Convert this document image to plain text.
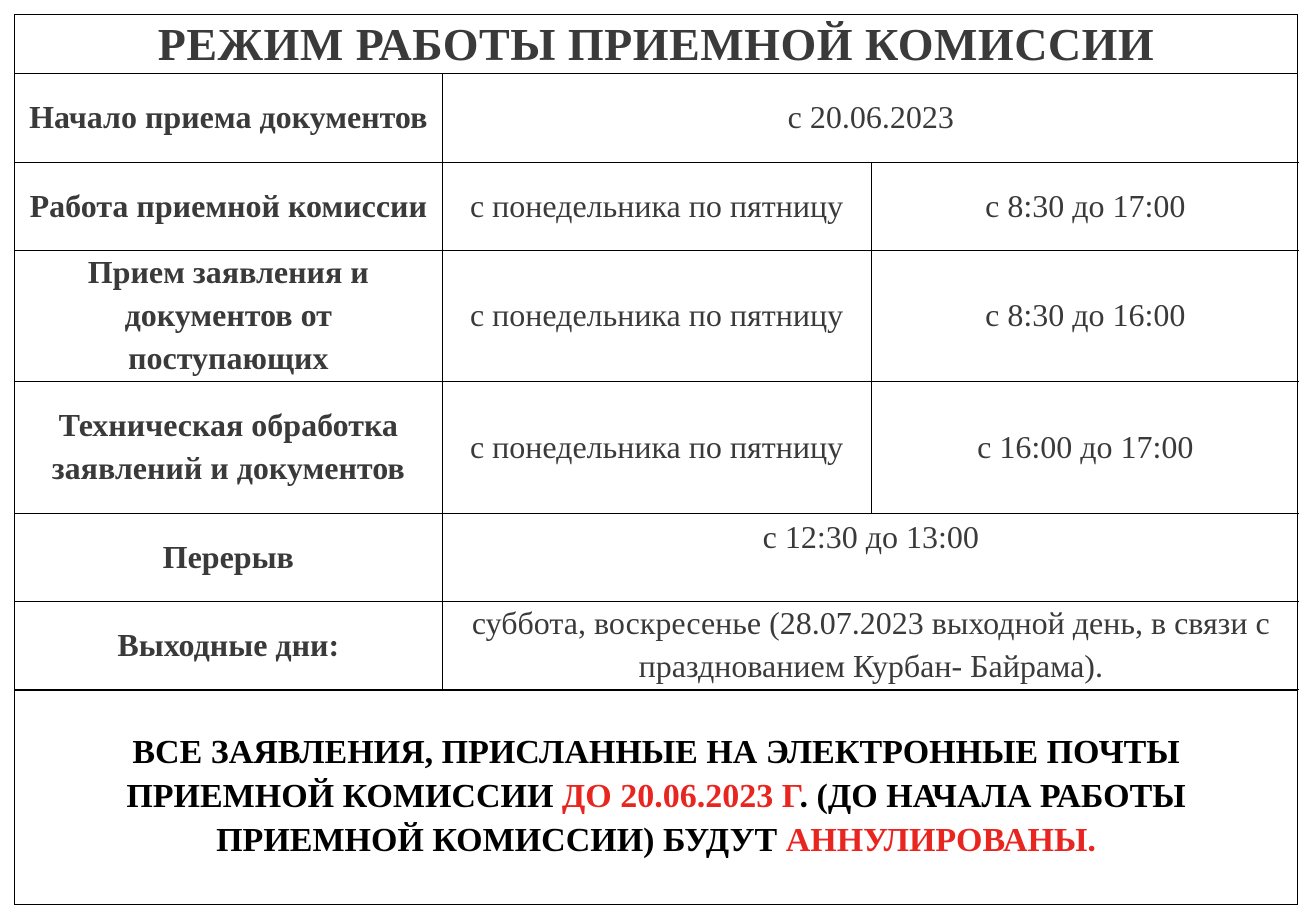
РЕЖИМ РАБОТЫ ПРИЕМНОЙ КОМИССИИ
Начало приема документов	с 20.06.2023	
Работа приемной комиссии	с понедельника по пятницу	с 8:30 до 17:00
Прием заявления и документов от поступающих	с понедельника по пятницу	с 8:30 до 16:00
Техническая обработка заявлений и документов	с понедельника по пятницу	с 16:00 до 17:00
Перерыв	с 12:30 до 13:00	
Выходные дни:	суббота, воскресенье (28.07.2023 выходной день, в связи с празднованием Курбан- Байрама).	
ВСЕ ЗАЯВЛЕНИЯ, ПРИСЛАННЫЕ НА ЭЛЕКТРОННЫЕ ПОЧТЫ ПРИЕМНОЙ КОМИССИИ ДО 20.06.2023 Г. (ДО НАЧАЛА РАБОТЫ ПРИЕМНОЙ КОМИССИИ) БУДУТ АННУЛИРОВАНЫ.
